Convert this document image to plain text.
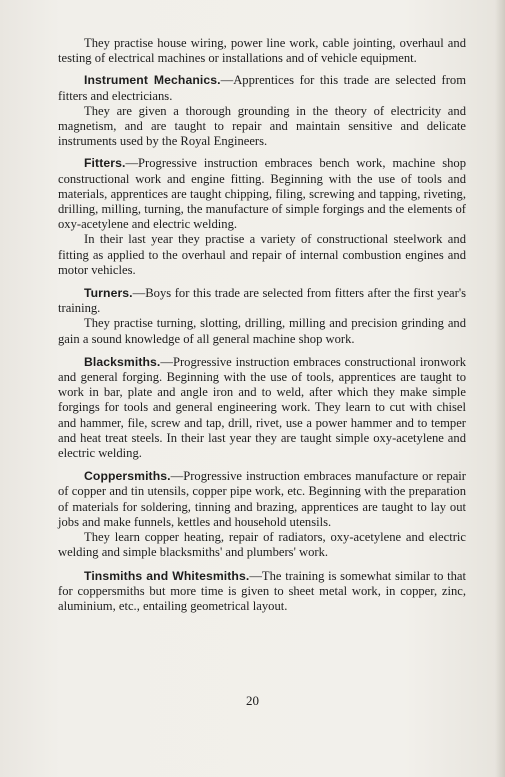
They practise house wiring, power line work, cable jointing, overhaul and testing of electrical machines or installations and of vehicle equipment.

Instrument Mechanics.—Apprentices for this trade are selected from fitters and electricians.
They are given a thorough grounding in the theory of electricity and magnetism, and are taught to repair and maintain sensitive and delicate instruments used by the Royal Engineers.

Fitters.—Progressive instruction embraces bench work, machine shop constructional work and engine fitting. Beginning with the use of tools and materials, apprentices are taught chipping, filing, screwing and tapping, riveting, drilling, milling, turning, the manufacture of simple forgings and the elements of oxy-acetylene and electric welding.
In their last year they practise a variety of constructional steelwork and fitting as applied to the overhaul and repair of internal combustion engines and motor vehicles.

Turners.—Boys for this trade are selected from fitters after the first year's training.
They practise turning, slotting, drilling, milling and precision grinding and gain a sound knowledge of all general machine shop work.

Blacksmiths.—Progressive instruction embraces constructional ironwork and general forging. Beginning with the use of tools, apprentices are taught to work in bar, plate and angle iron and to weld, after which they make simple forgings for tools and general engineering work. They learn to cut with chisel and hammer, file, screw and tap, drill, rivet, use a power hammer and to temper and heat treat steels. In their last year they are taught simple oxy-acetylene and electric welding.

Coppersmiths.—Progressive instruction embraces manufacture or repair of copper and tin utensils, copper pipe work, etc. Beginning with the preparation of materials for soldering, tinning and brazing, apprentices are taught to lay out jobs and make funnels, kettles and household utensils.
They learn copper heating, repair of radiators, oxy-acetylene and electric welding and simple blacksmiths' and plumbers' work.

Tinsmiths and Whitesmiths.—The training is somewhat similar to that for coppersmiths but more time is given to sheet metal work, in copper, zinc, aluminium, etc., entailing geometrical layout.

20
